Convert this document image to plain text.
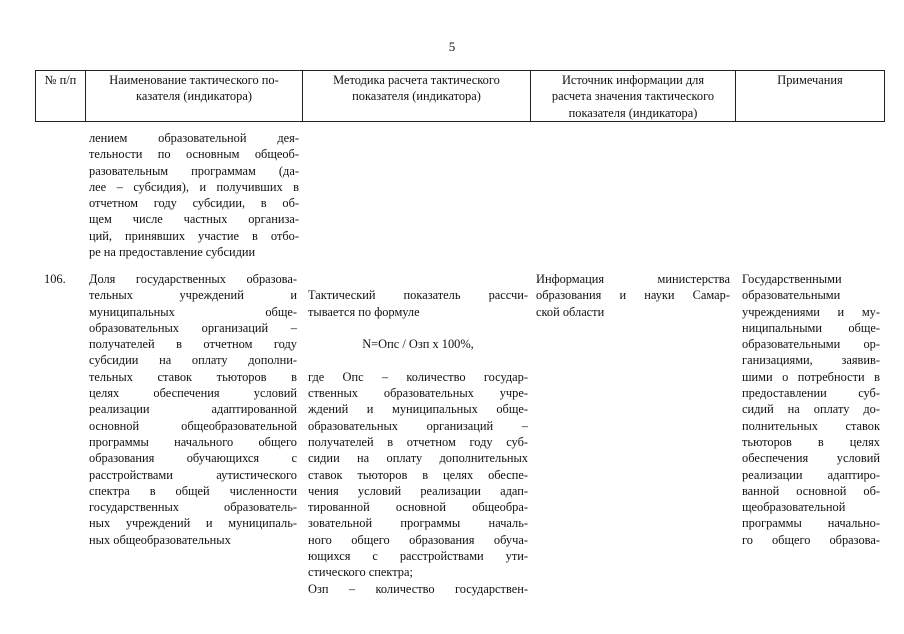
5
№ п/п	Наименование тактического по-
казателя (индикатора)
Методика расчета тактического
показателя (индикатора)
Источник информации для
расчета значения тактического
показателя (индикатора)
Примечания
лением образовательной дея-
тельности по основным общеоб-
разовательным программам (да-
лее – субсидия), и получивших в
отчетном году субсидии, в об-
щем числе частных организа-
ций, принявших участие в отбо-
ре на предоставление субсидии
106.	Доля государственных образова-
тельных учреждений и
муниципальных обще-
образовательных организаций –
получателей в отчетном году
субсидии на оплату дополни-
тельных ставок тьюторов в
целях обеспечения условий
реализации адаптированной
основной общеобразовательной
программы начального общего
образования обучающихся с
расстройствами аутистического
спектра в общей численности
государственных образователь-
ных учреждений и муниципаль-
ных общеобразовательных

Тактический показатель рассчи-
тывается по формуле

N=Опс / Озп х 100%,

где Опс – количество государ-
ственных образовательных учре-
ждений и муниципальных обще-
образовательных организаций –
получателей в отчетном году суб-
сидии на оплату дополнительных
ставок тьюторов в целях обеспе-
чения условий реализации адап-
тированной основной общеобра-
зовательной программы началь-
ного общего образования обуча-
ющихся с расстройствами ути-
стического спектра;
Озп – количество государствен-

Информация министерства
образования и науки Самар-
ской области
Государственными
образовательными
учреждениями и му-
ниципальными обще-
образовательными ор-
ганизациями, заявив-
шими о потребности в
предоставлении суб-
сидий на оплату до-
полнительных ставок
тьюторов в целях
обеспечения условий
реализации адаптиро-
ванной основной об-
щеобразовательной
программы начально-
го общего образова-
